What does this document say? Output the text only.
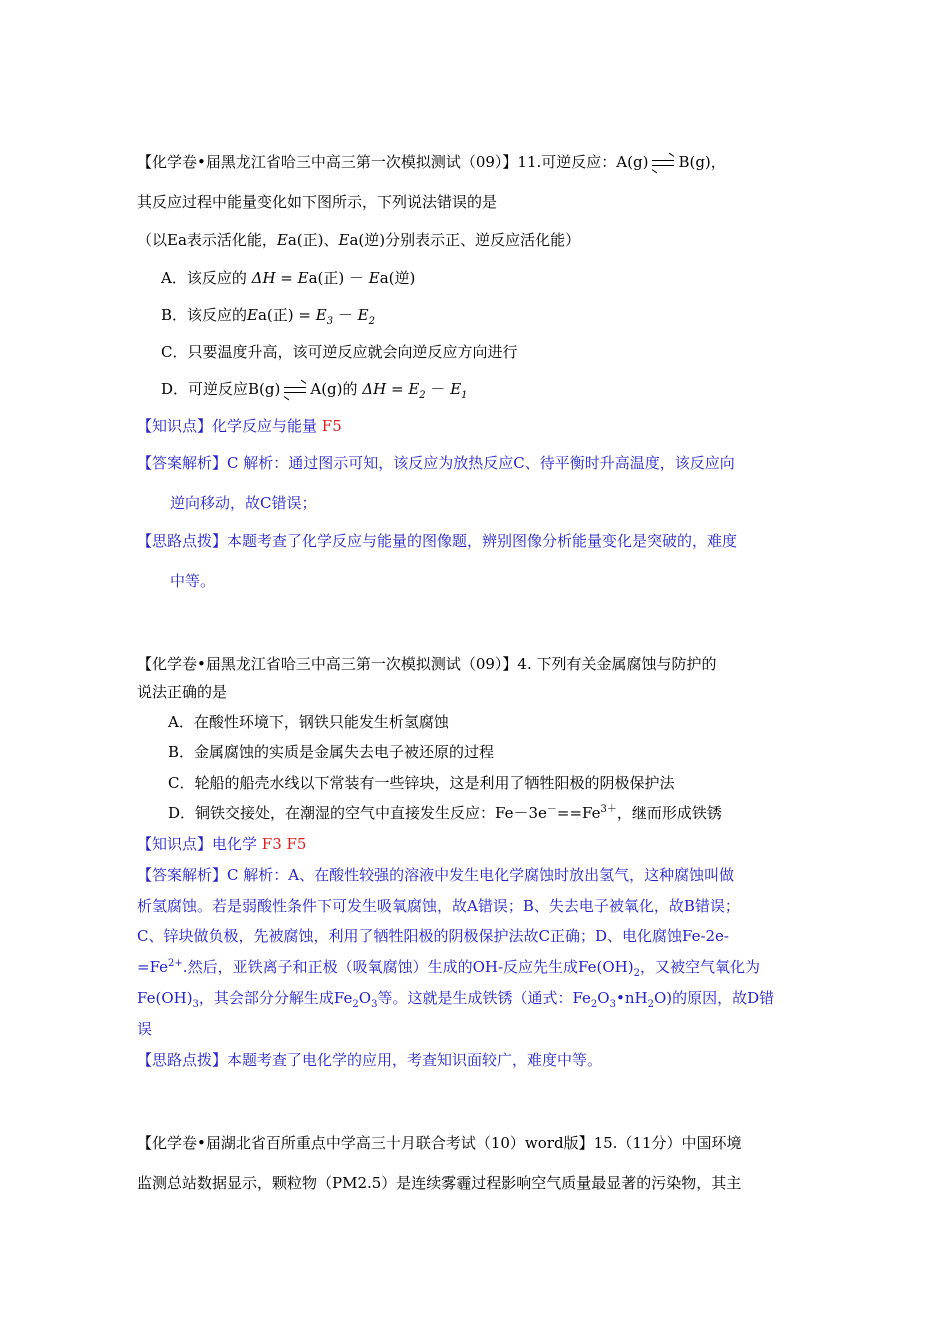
【化学卷•届黑龙江省哈三中高三第一次模拟测试（09）】11.可逆反应：A(g) B(g)，
其反应过程中能量变化如下图所示，下列说法错误的是
（以Ea表示活化能，Ea(正)、Ea(逆)分别表示正、逆反应活化能）
A．该反应的 ΔH = Ea(正) － Ea(逆)
B．该反应的Ea(正) = $E_3 - E_2$
C．只要温度升高，该可逆反应就会向逆反应方向进行
D．可逆反应B(g) A(g)的 $\Delta H = E_2 - E_1$
【知识点】化学反应与能量 F5
【答案解析】C 解析：通过图示可知，该反应为放热反应C、待平衡时升高温度，该反应向
逆向移动，故C错误；
【思路点拨】本题考查了化学反应与能量的图像题，辨别图像分析能量变化是突破的，难度
中等。
【化学卷•届黑龙江省哈三中高三第一次模拟测试（09）】4. 下列有关金属腐蚀与防护的
说法正确的是
A．在酸性环境下，钢铁只能发生析氢腐蚀
B．金属腐蚀的实质是金属失去电子被还原的过程
C．轮船的船壳水线以下常装有一些锌块，这是利用了牺牲阳极的阴极保护法
D．铜铁交接处，在潮湿的空气中直接发生反应：$Fe-3e^-==Fe^{3+}$，继而形成铁锈
【知识点】电化学 F3 F5
【答案解析】C 解析：A、在酸性较强的溶液中发生电化学腐蚀时放出氢气，这种腐蚀叫做
析氢腐蚀。若是弱酸性条件下可发生吸氧腐蚀，故A错误；B、失去电子被氧化，故B错误；
C、锌块做负极，先被腐蚀，利用了牺牲阳极的阴极保护法故C正确；D、电化腐蚀Fe-2e-
$=Fe^{2+}$.然后，亚铁离子和正极（吸氧腐蚀）生成的OH-反应先生成$Fe(OH)_2$，又被空气氧化为
$Fe(OH)_3$，其会部分分解生成$Fe_2O_3$等。这就是生成铁锈（通式：$Fe_2O_3•nH_2O$)的原因，故D错
误
【思路点拨】本题考查了电化学的应用，考查知识面较广，难度中等。
【化学卷•届湖北省百所重点中学高三十月联合考试（10）word版】15.（11分）中国环境
监测总站数据显示，颗粒物（PM2.5）是连续雾霾过程影响空气质量最显著的污染物，其主
